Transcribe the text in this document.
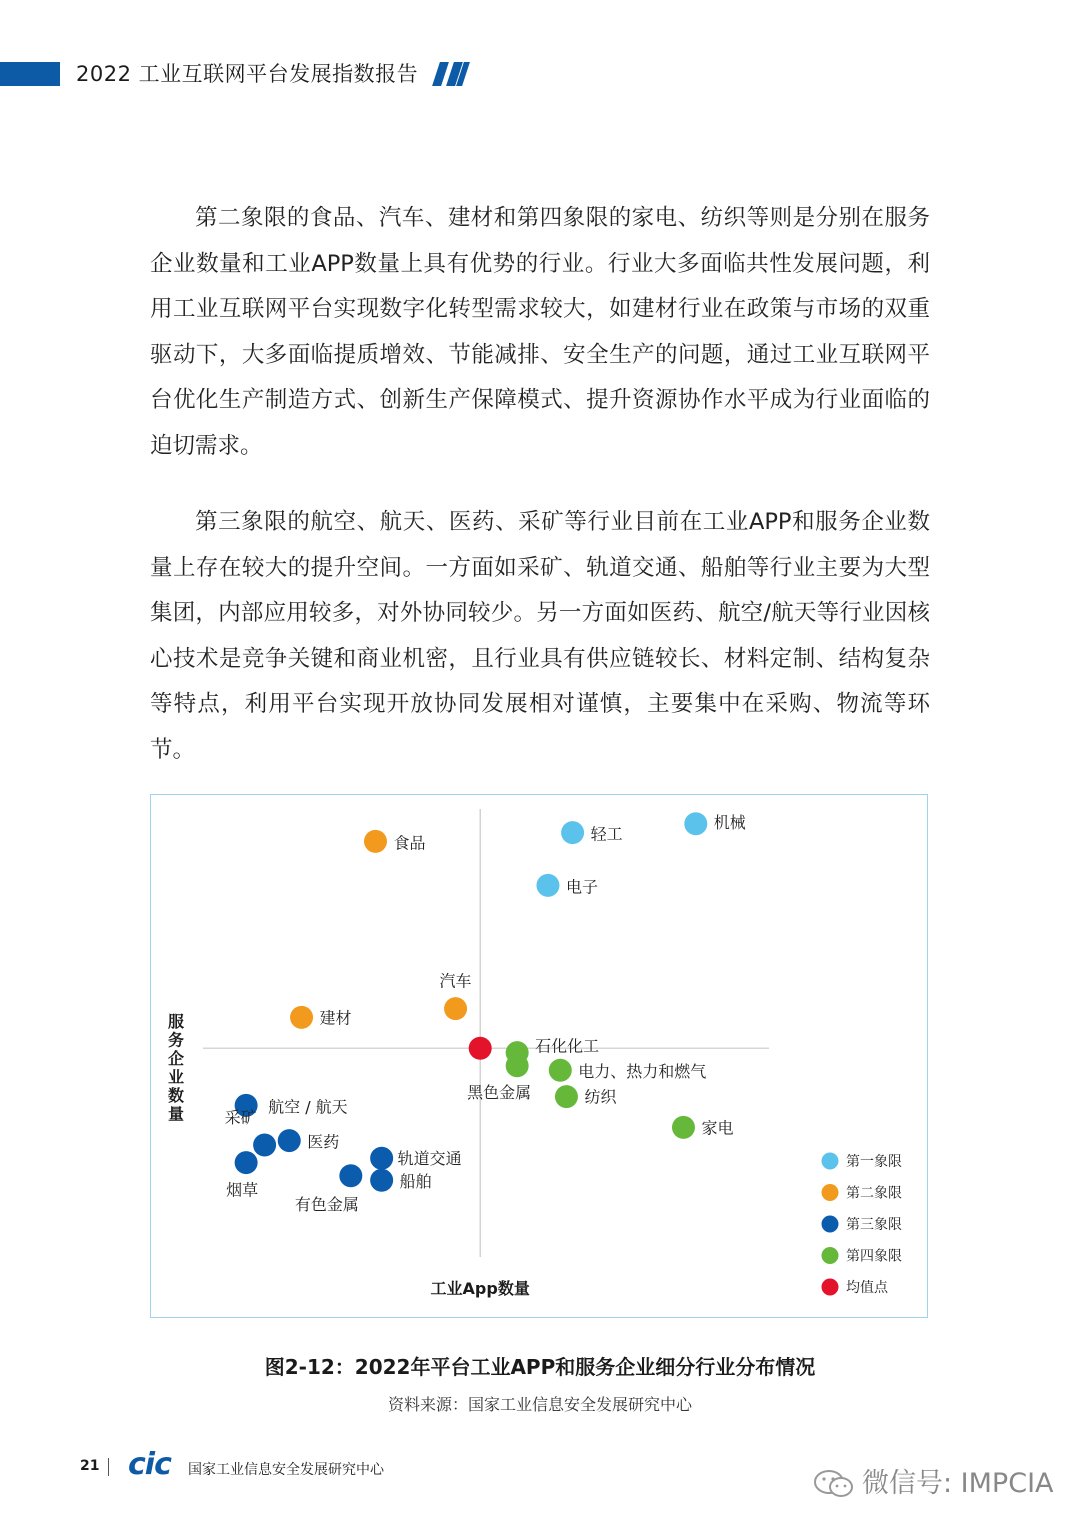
2022 工业互联网平台发展指数报告

第二象限的食品、汽车、建材和第四象限的家电、纺织等则是分别在服务企业数量和工业APP数量上具有优势的行业。行业大多面临共性发展问题，利用工业互联网平台实现数字化转型需求较大，如建材行业在政策与市场的双重驱动下，大多面临提质增效、节能减排、安全生产的问题，通过工业互联网平台优化生产制造方式、创新生产保障模式、提升资源协作水平成为行业面临的迫切需求。

第三象限的航空、航天、医药、采矿等行业目前在工业APP和服务企业数量上存在较大的提升空间。一方面如采矿、轨道交通、船舶等行业主要为大型集团，内部应用较多，对外协同较少。另一方面如医药、航空/航天等行业因核心技术是竞争关键和商业机密，且行业具有供应链较长、材料定制、结构复杂等特点，利用平台实现开放协同发展相对谨慎，主要集中在采购、物流等环节。

轻工
机械
电子
食品
汽车
建材
航空 / 航天
采矿
医药
烟草
轨道交通
有色金属
船舶
石化化工
黑色金属
电力、热力和燃气
纺织
家电
工业App数量
服务企业数量
第一象限
第二象限
第三象限
第四象限
均值点
图2-12：2022年平台工业APP和服务企业细分行业分布情况
资料来源：国家工业信息安全发展研究中心
21 cic 国家工业信息安全发展研究中心	微信号: IMPCIA
